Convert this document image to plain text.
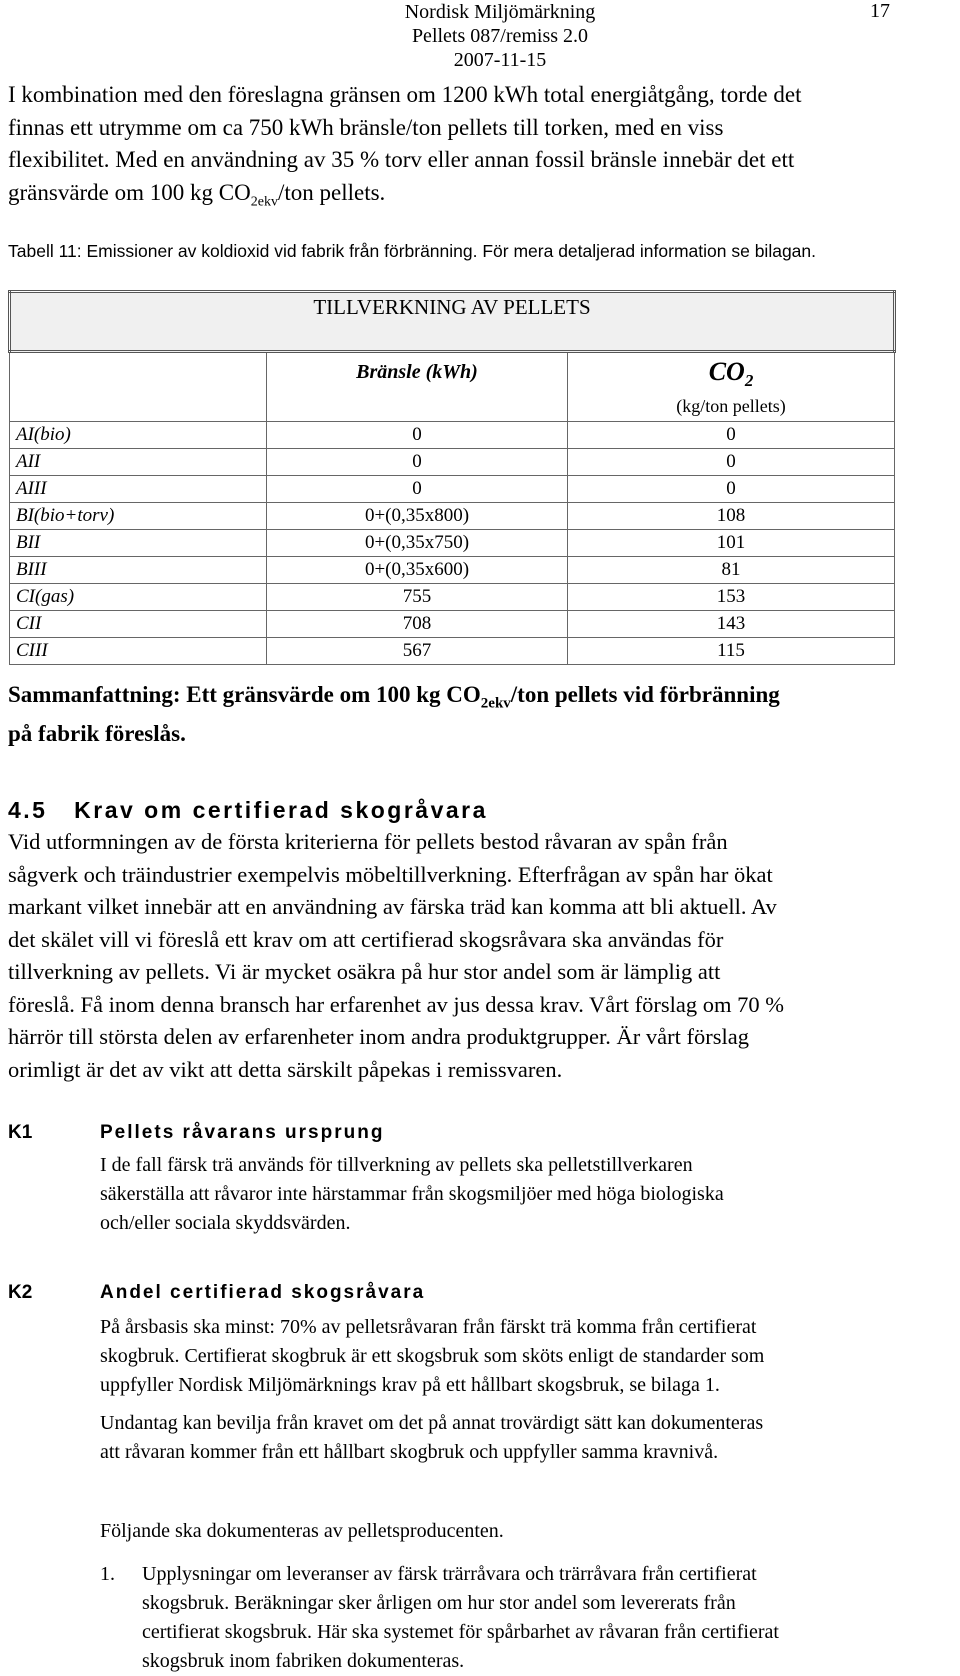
Nordisk Miljömärkning
Pellets 087/remiss 2.0
2007-11-15
17
I kombination med den föreslagna gränsen om 1200 kWh total energiåtgång, torde det
finnas ett utrymme om ca 750 kWh bränsle/ton pellets till torken, med en viss
flexibilitet. Med en användning av 35 % torv eller annan fossil bränsle innebär det ett
gränsvärde om 100 kg $CO_{2ekv}$/ton pellets.
Tabell 11: Emissioner av koldioxid vid fabrik från förbränning. För mera detaljerad information se bilagan.
TILLVERKNING AV PELLETS		
	Bränsle (kWh)	$CO_2$
(kg/ton pellets)

AI(bio)	0	0
AII	0	0
AIII	0	0
BI(bio+torv)	0+(0,35x800)	108
BII	0+(0,35x750)	101
BIII	0+(0,35x600)	81
CI(gas)	755	153
CII	708	143
CIII	567	115
Sammanfattning: Ett gränsvärde om 100 kg $CO_{2ekv}$/ton pellets vid förbränning
på fabrik föreslås.
4.5   Krav om certifierad skogråvara
Vid utformningen av de första kriterierna för pellets bestod råvaran av spån från
sågverk och träindustrier exempelvis möbeltillverkning. Efterfrågan av spån har ökat
markant vilket innebär att en användning av färska träd kan komma att bli aktuell. Av
det skälet vill vi föreslå ett krav om att certifierad skogsråvara ska användas för
tillverkning av pellets. Vi är mycket osäkra på hur stor andel som är lämplig att
föreslå. Få inom denna bransch har erfarenhet av jus dessa krav. Vårt förslag om 70 %
härrör till största delen av erfarenheter inom andra produktgrupper. Är vårt förslag
orimligt är det av vikt att detta särskilt påpekas i remissvaren.
K1	Pellets råvarans ursprung
I de fall färsk trä används för tillverkning av pellets ska pelletstillverkaren
säkerställa att råvaror inte härstammar från skogsmiljöer med höga biologiska
och/eller sociala skyddsvärden.
K2	Andel certifierad skogsråvara
På årsbasis ska minst: 70% av pelletsråvaran från färskt trä komma från certifierat
skogbruk. Certifierat skogbruk är ett skogsbruk som sköts enligt de standarder som
uppfyller Nordisk Miljömärknings krav på ett hållbart skogsbruk, se bilaga 1.
Undantag kan bevilja från kravet om det på annat trovärdigt sätt kan dokumenteras
att råvaran kommer från ett hållbart skogbruk och uppfyller samma kravnivå.
Följande ska dokumenteras av pelletsproducenten.
1. Upplysningar om leveranser av färsk trärråvara och trärråvara från certifierat
skogsbruk. Beräkningar sker årligen om hur stor andel som levererats från
certifierat skogsbruk. Här ska systemet för spårbarhet av råvaran från certifierat
skogsbruk inom fabriken dokumenteras.
